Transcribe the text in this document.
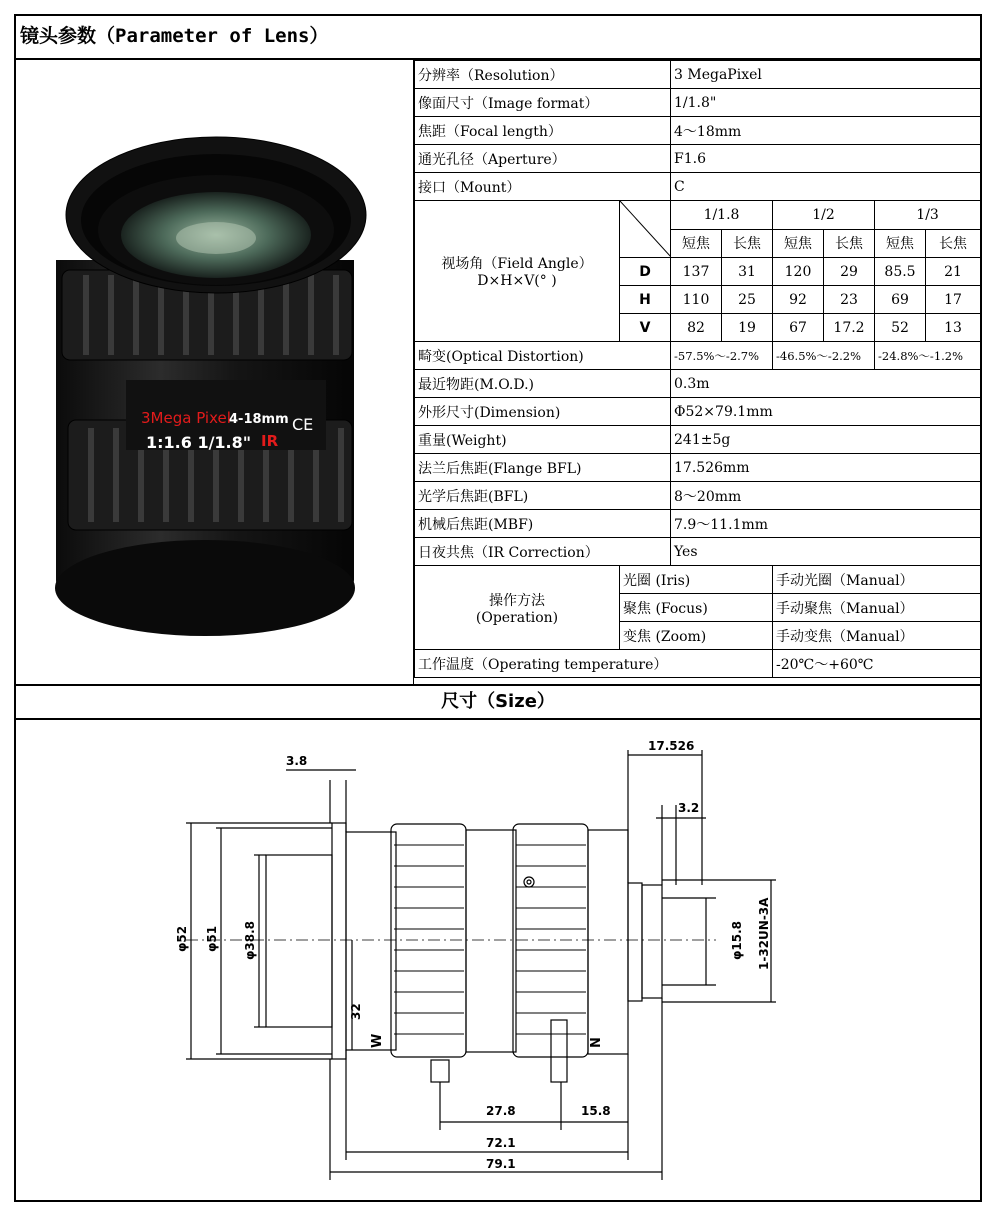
镜头参数（Parameter of Lens）
3Mega Pixel
4-18mm CE
1:1.6 1/1.8" IR
分辨率（Resolution）		3 MegaPixel					
像面尺寸（Image format）		1/1.8"					
焦距（Focal length）		4～18mm					
通光孔径（Aperture）		F1.6					
接口（Mount）		C					

视场角（Field Angle）
D×H×V(° )		1/1.8		1/2		1/3	
		短焦	长焦	短焦	长焦	短焦	长焦
	D	137	31	120	29	85.5	21
	H	110	25	92	23	69	17
	V	82	19	67	17.2	52	13
畸变(Optical Distortion)		-57.5%～-2.7%		-46.5%～-2.2%		-24.8%～-1.2%	
最近物距(M.O.D.)		0.3m					
外形尺寸(Dimension)		Φ52×79.1mm					
重量(Weight)		241±5g					
法兰后焦距(Flange BFL)		17.526mm					
光学后焦距(BFL)		8～20mm					
机械后焦距(MBF)		7.9～11.1mm					
日夜共焦（IR Correction）		Yes					

操作方法
(Operation)	光圈 (Iris)			手动光圈（Manual）			
	聚焦 (Focus)			手动聚焦（Manual）			
	变焦 (Zoom)			手动变焦（Manual）			
工作温度（Operating temperature）				-20℃～+60℃			
尺寸（Size）
3.8
17.526
3.2
φ52 φ51 φ38.8
32
φ15.8 1-32UN-3A
W	N
27.8	15.8
72.1
79.1
